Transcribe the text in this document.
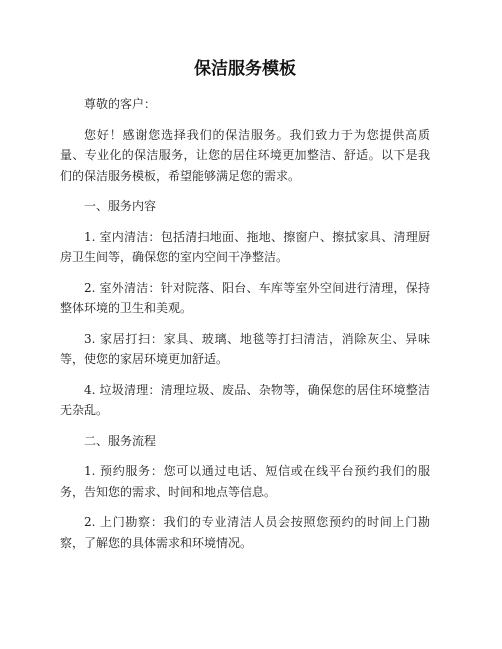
保洁服务模板

尊敬的客户：

您好！感谢您选择我们的保洁服务。我们致力于为您提供高质量、专业化的保洁服务，让您的居住环境更加整洁、舒适。以下是我们的保洁服务模板，希望能够满足您的需求。

一、服务内容

1. 室内清洁：包括清扫地面、拖地、擦窗户、擦拭家具、清理厨房卫生间等，确保您的室内空间干净整洁。

2. 室外清洁：针对院落、阳台、车库等室外空间进行清理，保持整体环境的卫生和美观。

3. 家居打扫：家具、玻璃、地毯等打扫清洁，消除灰尘、异味等，使您的家居环境更加舒适。

4. 垃圾清理：清理垃圾、废品、杂物等，确保您的居住环境整洁无杂乱。

二、服务流程

1. 预约服务：您可以通过电话、短信或在线平台预约我们的服务，告知您的需求、时间和地点等信息。

2. 上门勘察：我们的专业清洁人员会按照您预约的时间上门勘察，了解您的具体需求和环境情况。
